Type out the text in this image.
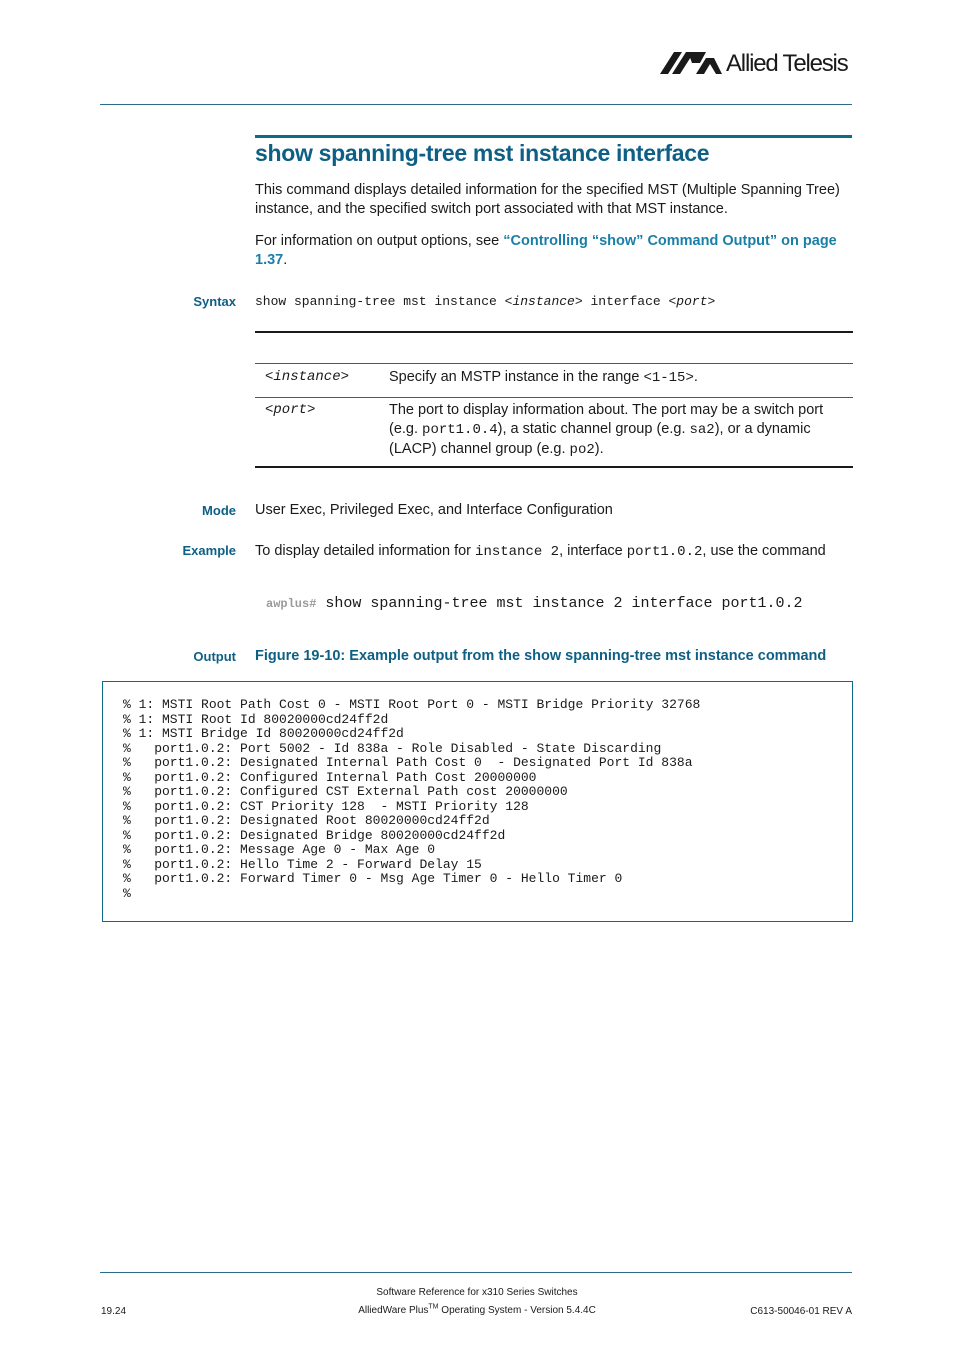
Allied Telesis
show spanning-tree mst instance interface

This command displays detailed information for the specified MST (Multiple Spanning Tree) instance, and the specified switch port associated with that MST instance.

For information on output options, see “Controlling “show” Command Output” on page 1.37.

Syntax show spanning-tree mst instance <instance> interface <port>
<instance>	Specify an MSTP instance in the range <1-15>.
<port>	The port to display information about. The port may be a switch port (e.g. port1.0.4), a static channel group (e.g. sa2), or a dynamic (LACP) channel group (e.g. po2).
Mode User Exec, Privileged Exec, and Interface Configuration

Example To display detailed information for instance 2, interface port1.0.2, use the command

awplus# show spanning-tree mst instance 2 interface port1.0.2
Output Figure 19-10: Example output from the show spanning-tree mst instance command
% 1: MSTI Root Path Cost 0 - MSTI Root Port 0 - MSTI Bridge Priority 32768
% 1: MSTI Root Id 80020000cd24ff2d
% 1: MSTI Bridge Id 80020000cd24ff2d
%   port1.0.2: Port 5002 - Id 838a - Role Disabled - State Discarding
%   port1.0.2: Designated Internal Path Cost 0  - Designated Port Id 838a
%   port1.0.2: Configured Internal Path Cost 20000000
%   port1.0.2: Configured CST External Path cost 20000000
%   port1.0.2: CST Priority 128  - MSTI Priority 128
%   port1.0.2: Designated Root 80020000cd24ff2d
%   port1.0.2: Designated Bridge 80020000cd24ff2d
%   port1.0.2: Message Age 0 - Max Age 0
%   port1.0.2: Hello Time 2 - Forward Delay 15
%   port1.0.2: Forward Timer 0 - Msg Age Timer 0 - Hello Timer 0
%
Software Reference for x310 Series Switches
AlliedWare Plus™ Operating System - Version 5.4.4C
19.24	C613-50046-01 REV A
